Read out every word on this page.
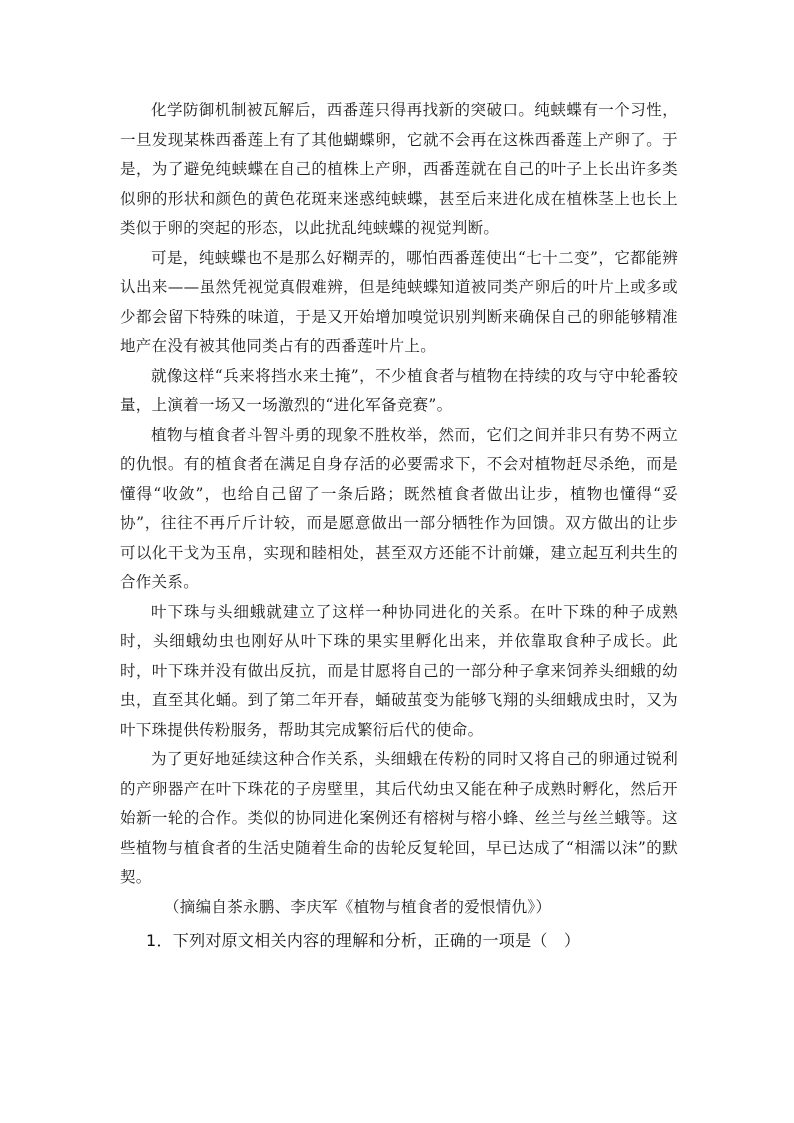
化学防御机制被瓦解后，西番莲只得再找新的突破口。纯蛱蝶有一个习性，一旦发现某株西番莲上有了其他蝴蝶卵，它就不会再在这株西番莲上产卵了。于是，为了避免纯蛱蝶在自己的植株上产卵，西番莲就在自己的叶子上长出许多类似卵的形状和颜色的黄色花斑来迷惑纯蛱蝶，甚至后来进化成在植株茎上也长上类似于卵的突起的形态，以此扰乱纯蛱蝶的视觉判断。

可是，纯蛱蝶也不是那么好糊弄的，哪怕西番莲使出“七十二变”，它都能辨认出来——虽然凭视觉真假难辨，但是纯蛱蝶知道被同类产卵后的叶片上或多或少都会留下特殊的味道，于是又开始增加嗅觉识别判断来确保自己的卵能够精准地产在没有被其他同类占有的西番莲叶片上。

就像这样“兵来将挡水来土掩”，不少植食者与植物在持续的攻与守中轮番较量，上演着一场又一场激烈的“进化军备竞赛”。

植物与植食者斗智斗勇的现象不胜枚举，然而，它们之间并非只有势不两立的仇恨。有的植食者在满足自身存活的必要需求下，不会对植物赶尽杀绝，而是懂得“收敛”，也给自己留了一条后路；既然植食者做出让步，植物也懂得“妥协”，往往不再斤斤计较，而是愿意做出一部分牺牲作为回馈。双方做出的让步可以化干戈为玉帛，实现和睦相处，甚至双方还能不计前嫌，建立起互利共生的合作关系。

叶下珠与头细蛾就建立了这样一种协同进化的关系。在叶下珠的种子成熟时，头细蛾幼虫也刚好从叶下珠的果实里孵化出来，并依靠取食种子成长。此时，叶下珠并没有做出反抗，而是甘愿将自己的一部分种子拿来饲养头细蛾的幼虫，直至其化蛹。到了第二年开春，蛹破茧变为能够飞翔的头细蛾成虫时，又为叶下珠提供传粉服务，帮助其完成繁衍后代的使命。

为了更好地延续这种合作关系，头细蛾在传粉的同时又将自己的卵通过锐利的产卵器产在叶下珠花的子房壁里，其后代幼虫又能在种子成熟时孵化，然后开始新一轮的合作。类似的协同进化案例还有榕树与榕小蜂、丝兰与丝兰蛾等。这些植物与植食者的生活史随着生命的齿轮反复轮回，早已达成了“相濡以沫”的默契。

（摘编自茶永鹏、李庆军《植物与植食者的爱恨情仇》）

1．下列对原文相关内容的理解和分析，正确的一项是（　）
